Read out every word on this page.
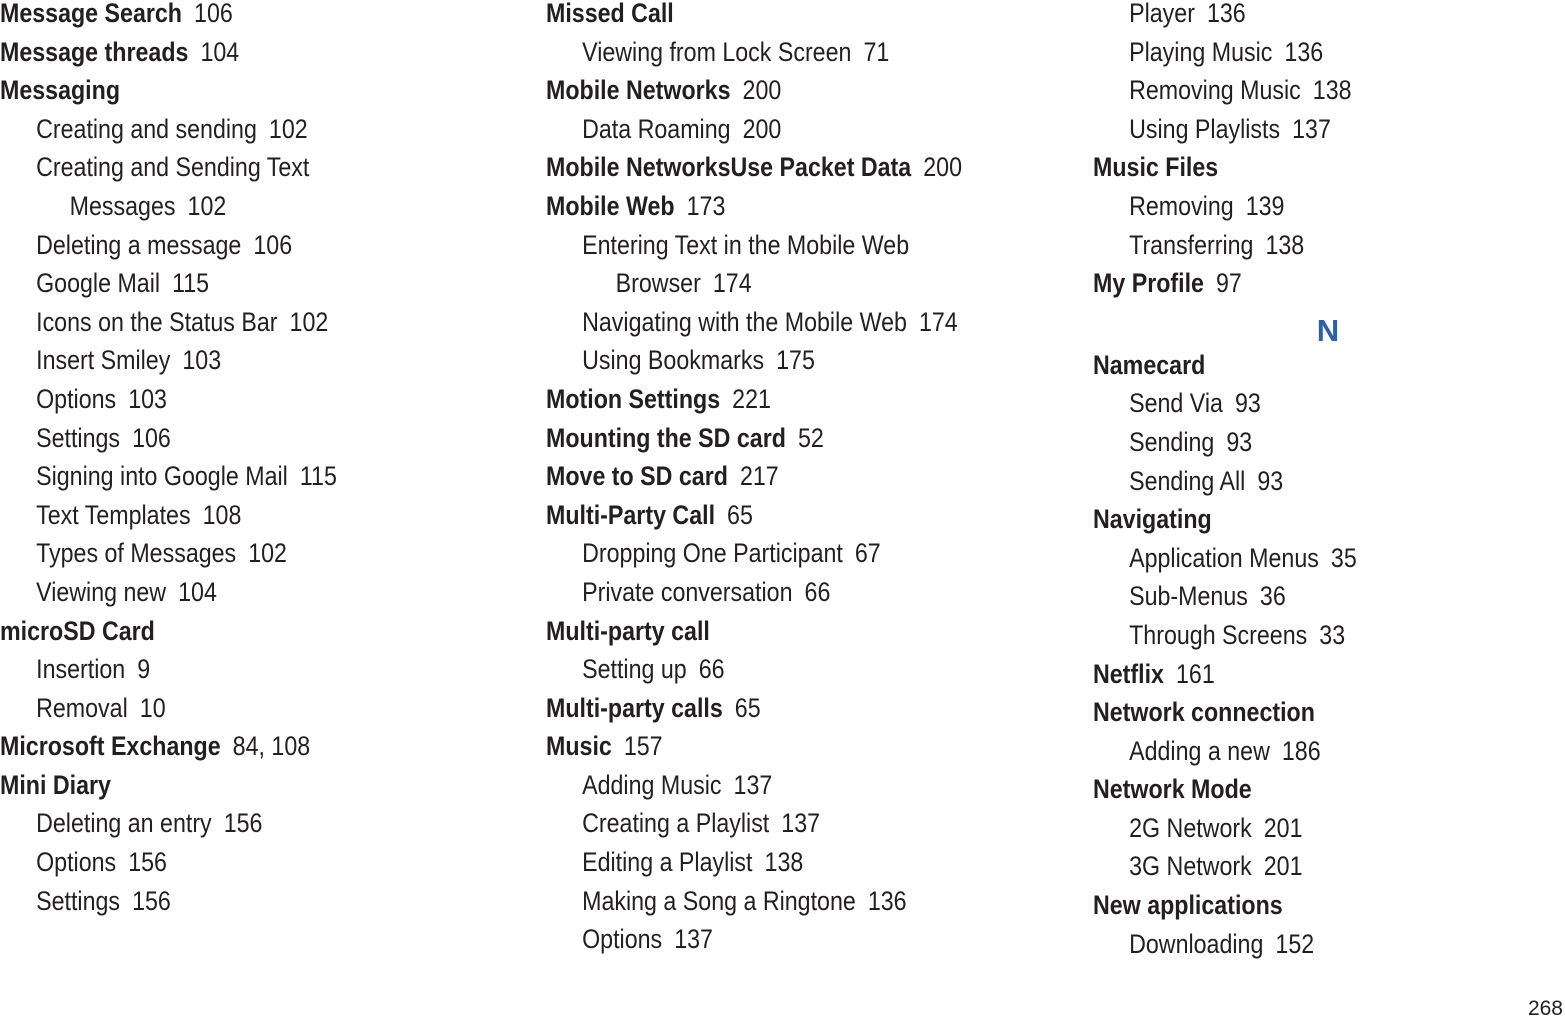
Message Search 106
Message threads 104
Messaging
Creating and sending 102
Creating and Sending Text
Messages 102
Deleting a message 106
Google Mail 115
Icons on the Status Bar 102
Insert Smiley 103
Options 103
Settings 106
Signing into Google Mail 115
Text Templates 108
Types of Messages 102
Viewing new 104
microSD Card
Insertion 9
Removal 10
Microsoft Exchange 84, 108
Mini Diary
Deleting an entry 156
Options 156
Settings 156
Missed Call
Viewing from Lock Screen 71
Mobile Networks 200
Data Roaming 200
Mobile NetworksUse Packet Data 200
Mobile Web 173
Entering Text in the Mobile Web
Browser 174
Navigating with the Mobile Web 174
Using Bookmarks 175
Motion Settings 221
Mounting the SD card 52
Move to SD card 217
Multi-Party Call 65
Dropping One Participant 67
Private conversation 66
Multi-party call
Setting up 66
Multi-party calls 65
Music 157
Adding Music 137
Creating a Playlist 137
Editing a Playlist 138
Making a Song a Ringtone 136
Options 137
Player 136
Playing Music 136
Removing Music 138
Using Playlists 137
Music Files
Removing 139
Transferring 138
My Profile 97
N
Namecard
Send Via 93
Sending 93
Sending All 93
Navigating
Application Menus 35
Sub-Menus 36
Through Screens 33
Netflix 161
Network connection
Adding a new 186
Network Mode
2G Network 201
3G Network 201
New applications
Downloading 152
268
